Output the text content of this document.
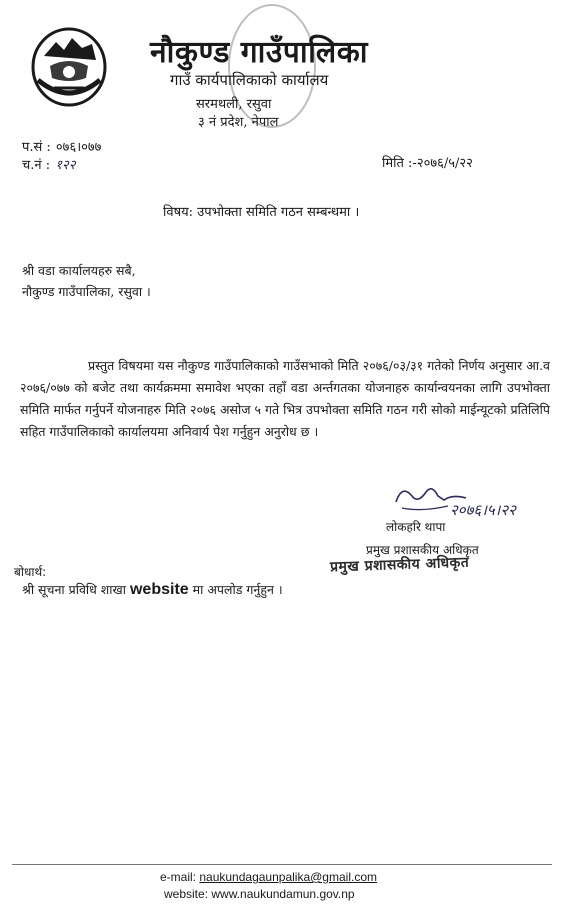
नौकुण्ड गाउँपालिका
गाउँ कार्यपालिकाको कार्यालय
सरमथली, रसुवा
३ नं प्रदेश, नेपाल
प.सं : ०७६।०७७
च.नं : १२२	मिति :-२०७६/५/२२
विषय: उपभोक्ता समिति गठन सम्बन्धमा ।
श्री वडा कार्यालयहरु सबै,
नौकुण्ड गाउँपालिका, रसुवा ।
प्रस्तुत विषयमा यस नौकुण्ड गाउँपालिकाको गाउँसभाको मिति २०७६/०३/३१ गतेको निर्णय अनुसार आ.व २०७६/०७७ को बजेट तथा कार्यक्रममा समावेश भएका तहाँ वडा अर्न्तगतका योजनाहरु कार्यान्वयनका लागि उपभोक्ता समिति मार्फत गर्नुपर्ने योजनाहरु मिति २०७६ असोज ५ गते भित्र उपभोक्ता समिति गठन गरी सोको माईन्यूटको प्रतिलिपि सहित गाउँपालिकाको कार्यालयमा अनिवार्य पेश गर्नुहुन अनुरोध छ ।
२०७६।५।२२
लोकहरि थापा
प्रमुख प्रशासकीय अधिकृत
प्रमुख प्रशासकीय अधिकृत
बोधार्थ:
श्री सूचना प्रविधि शाखा website मा अपलोड गर्नुहुन ।
e-mail: naukundagaunpalika@gmail.com
website: www.naukundamun.gov.np
